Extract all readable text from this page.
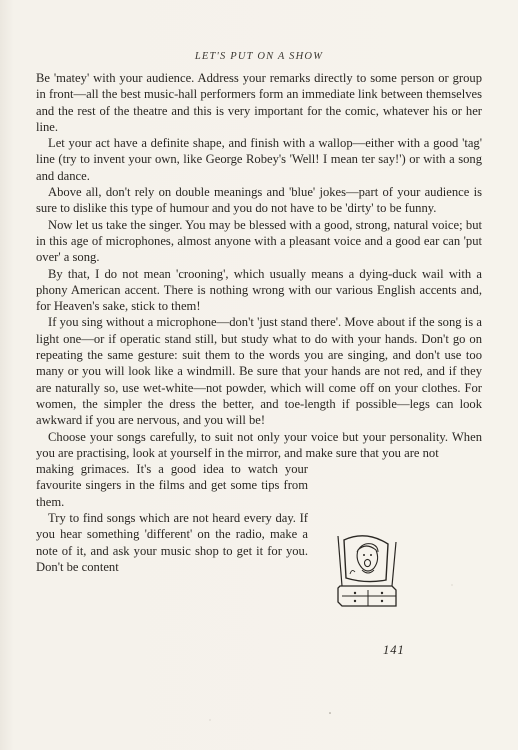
LET'S PUT ON A SHOW

Be 'matey' with your audience. Address your remarks directly to some person or group in front—all the best music-hall performers form an immediate link between themselves and the rest of the theatre and this is very important for the comic, whatever his or her line.

Let your act have a definite shape, and finish with a wallop—either with a good 'tag' line (try to invent your own, like George Robey's 'Well! I mean ter say!') or with a song and dance.

Above all, don't rely on double meanings and 'blue' jokes—part of your audience is sure to dislike this type of humour and you do not have to be 'dirty' to be funny.

Now let us take the singer. You may be blessed with a good, strong, natural voice; but in this age of microphones, almost anyone with a pleasant voice and a good ear can 'put over' a song.

By that, I do not mean 'crooning', which usually means a dying-duck wail with a phony American accent. There is nothing wrong with our various English accents and, for Heaven's sake, stick to them!

If you sing without a microphone—don't 'just stand there'. Move about if the song is a light one—or if operatic stand still, but study what to do with your hands. Don't go on repeating the same gesture: suit them to the words you are singing, and don't use too many or you will look like a windmill. Be sure that your hands are not red, and if they are naturally so, use wet-white—not powder, which will come off on your clothes. For women, the simpler the dress the better, and toe-length if possible—legs can look awkward if you are nervous, and you will be!

Choose your songs carefully, to suit not only your voice but your personality. When you are practising, look at yourself in the mirror, and make sure that you are not

making grimaces. It's a good idea to watch your favourite singers in the films and get some tips from them.

Try to find songs which are not heard every day. If you hear something 'different' on the radio, make a note of it, and ask your music shop to get it for you. Don't be content

141
